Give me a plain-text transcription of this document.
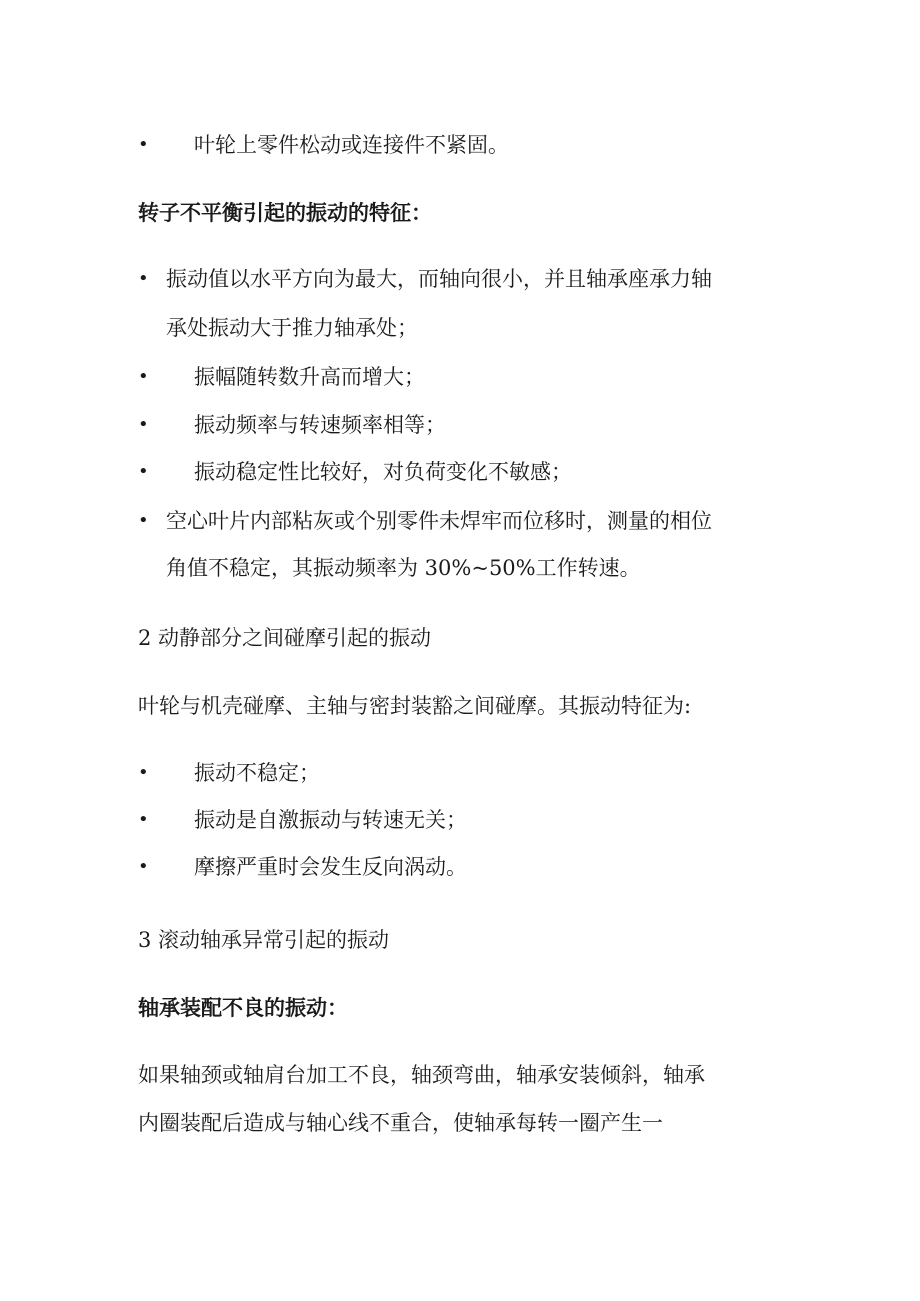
• 叶轮上零件松动或连接件不紧固。
转子不平衡引起的振动的特征：
• 振动值以水平方向为最大，而轴向很小，并且轴承座承力轴
承处振动大于推力轴承处；
• 振幅随转数升高而增大；
• 振动频率与转速频率相等；
• 振动稳定性比较好，对负荷变化不敏感；
• 空心叶片内部粘灰或个别零件未焊牢而位移时，测量的相位
角值不稳定，其振动频率为 30%~50%工作转速。
2 动静部分之间碰摩引起的振动
叶轮与机壳碰摩、主轴与密封装豁之间碰摩。其振动特征为:
• 振动不稳定；
• 振动是自激振动与转速无关；
• 摩擦严重时会发生反向涡动。
3 滚动轴承异常引起的振动
轴承装配不良的振动：
如果轴颈或轴肩台加工不良，轴颈弯曲，轴承安装倾斜，轴承
内圈装配后造成与轴心线不重合，使轴承每转一圈产生一
